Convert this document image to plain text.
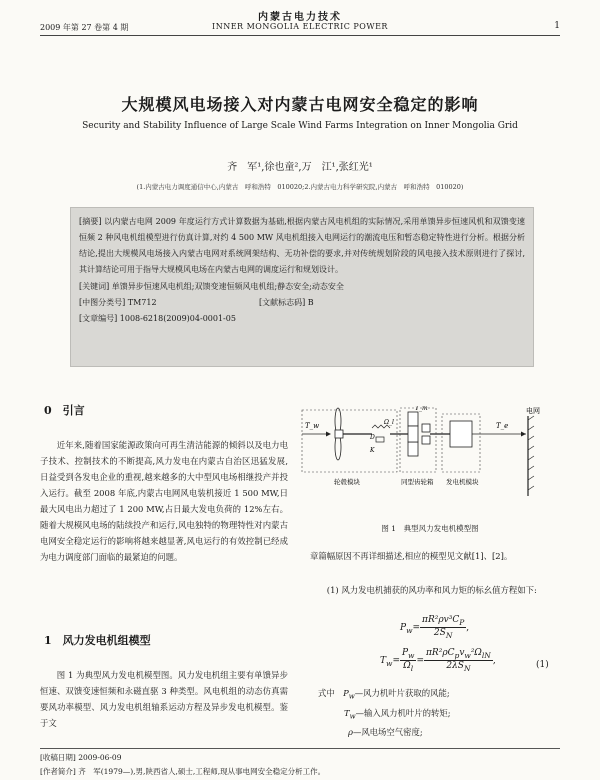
内蒙古电力技术
2009 年第 27 卷第 4 期	INNER MONGOLIA ELECTRIC POWER	1
大规模风电场接入对内蒙古电网安全稳定的影响
Security and Stability Influence of Large Scale Wind Farms Integration on Inner Mongolia Grid
齐　军¹,徐也童²,万　江¹,张红光¹
(1.内蒙古电力调度通信中心,内蒙古　呼和浩特　010020;2.内蒙古电力科学研究院,内蒙古　呼和浩特　010020)

[摘要] 以内蒙古电网 2009 年度运行方式计算数据为基础,根据内蒙古风电机组的实际情况,采用单馈异步恒速风机和双馈变速恒频 2 种风电机组模型进行仿真计算,对约 4 500 MW 风电机组接入电网运行的潮流电压和暂态稳定特性进行分析。根据分析结论,提出大规模风电场接入内蒙古电网对系统网架结构、无功补偿的要求,并对传统规划阶段的风电接入技术原则进行了探讨,其计算结论可用于指导大规模风电场在内蒙古电网的调度运行和规划设计。

[关键词] 单馈异步恒速风电机组;双馈变速恒频风电机组;静态安全;动态安全
[中图分类号] TM712	[文献标志码] B
[文章编号] 1008-6218(2009)04-0001-05
0　引言

近年来,随着国家能源政策向可再生清洁能源的倾斜以及电力电子技术、控制技术的不断提高,风力发电在内蒙古自治区迅猛发展,日益受到各发电企业的重视,越来越多的大中型风电场相继投产并投入运行。截至 2008 年底,内蒙古电网风电装机接近 1 500 MW,日最大风电出力超过了 1 200 MW,占日最大发电负荷的 12%左右。随着大规模风电场的陆续投产和运行,风电独特的物理特性对内蒙古电网安全稳定运行的影响将越来越显著,风电运行的有效控制已经成为电力调度部门面临的最紧迫的问题。

1　风力发电机组模型

图 1 为典型风力发电机模型图。风力发电机组主要有单馈异步恒速、双馈变速恒频和永磁直驱 3 种类型。风电机组的动态仿真需要风功率模型、风力发电机组轴系运动方程及异步发电机模型。鉴于文

T_w
D
K
Ω_l
T_m
T_e
电网
轮毂模块	同型齿轮箱 发电机模块
图 1　典型风力发电机模型图

章篇幅原因不再详细描述,相应的模型见文献[1]、[2]。

(1) 风力发电机捕获的风功率和风力矩的标幺值方程如下:

$P_w= \frac{\pi R^2\rho v^3C_P}{2S_N}$ ,
$T_w= \frac{P_w}{\Omega_l} = \frac{\pi R^2\rho C_pv_w^2\Omega_{lN}}{2\lambda S_N}$ ,	(1)
式中　 $P_w—$风力机叶片获取的风能;
$T_w—$输入风力机叶片的转矩;
ρ—风电场空气密度;
[收稿日期] 2009-06-09
[作者简介] 齐　军(1979—),男,陕西省人,硕士,工程师,现从事电网安全稳定分析工作。
